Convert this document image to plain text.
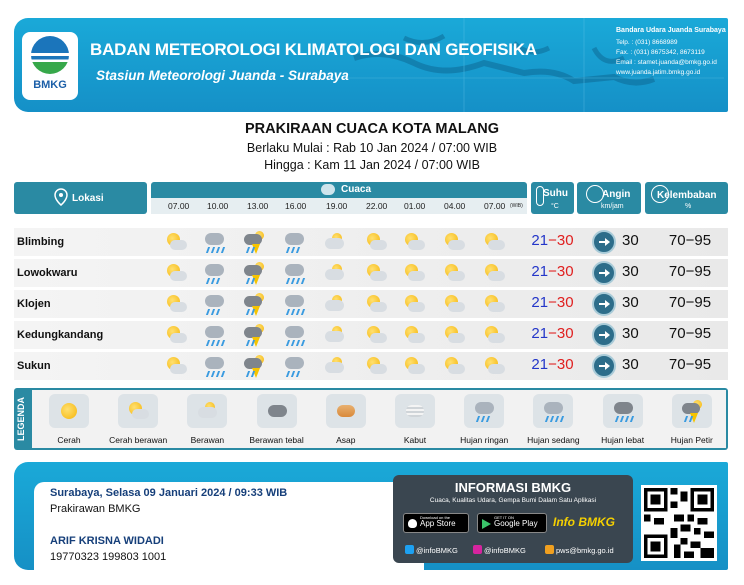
BMKG
BADAN METEOROLOGI KLIMATOLOGI DAN GEOFISIKA
Stasiun Meteorologi Juanda - Surabaya
Bandara Udara Juanda Surabaya
Telp. : (031) 8668989
Fax. : (031) 8675342, 8673119
Email : stamet.juanda@bmkg.go.id
www.juanda.jatim.bmkg.go.id
PRAKIRAAN CUACA KOTA MALANG
Berlaku Mulai : Rab 10 Jan 2024 / 07:00 WIB
Hingga : Kam 11 Jan 2024 / 07:00 WIB
Lokasi
Cuaca
07.00 10.00 13.00 16.00 19.00 22.00 01.00 04.00 07.00 (WIB)
Suhu
°C
Angin
km/jam
Kelembaban
%
Blimbing	21−30	30	70−95
Lowokwaru	21−30	30	70−95
Klojen	21−30	30	70−95
Kedungkandang	21−30	30	70−95
Sukun	21−30	30	70−95
LEGENDA	Cerah	Cerah berawan	Berawan	Berawan tebal	Asap	Kabut	Hujan ringan	Hujan sedang	Hujan lebat	Hujan Petir
Surabaya, Selasa 09 Januari 2024 / 09:33 WIB
Prakirawan BMKG
ARIF KRISNA WIDADI
19770323 199803 1001
INFORMASI BMKG
Cuaca, Kualitas Udara, Gempa Bumi Dalam Satu Aplikasi
Download on the
App Store
GET IT ON
Google Play	Info BMKG
@infoBMKG	@infoBMKG	pws@bmkg.go.id
